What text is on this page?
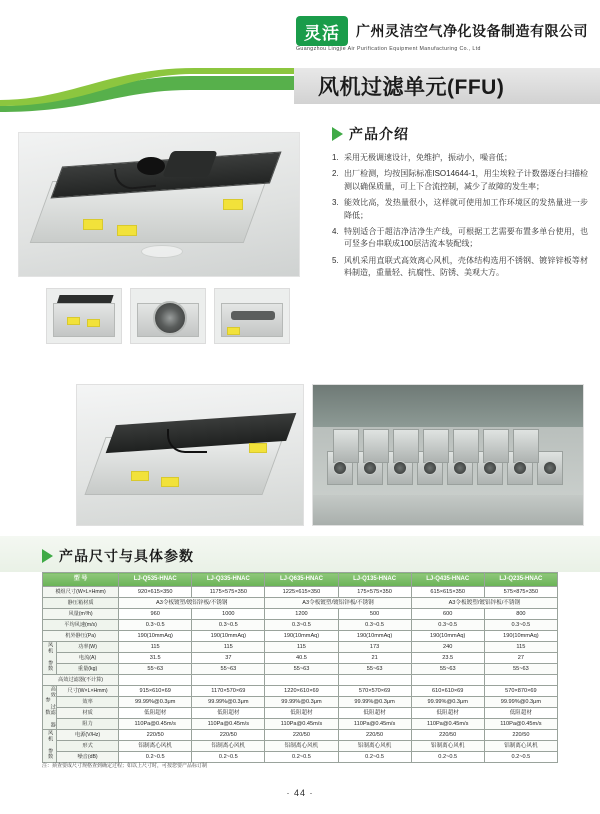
灵活	广州灵洁空气净化设备制造有限公司
Guangzhou Lingjie Air Purification Equipment Manufacturing Co., Ltd
风机过滤单元(FFU)
产品介绍
1. 采用无极调速设计，免维护，振动小，噪音低；
2. 出厂检测，均按国际标准ISO14644-1，用尘埃粒子计数器逐台扫描检测以确保质量，可上下合流控制，减少了故障的发生率；
3. 能效比高，发热量很小，这样就可使用加工作环境区的发热量进一步降低；
4. 特别适合于超洁净洁净生产线，可根据工艺需要布置多单台使用，也可竖多台串联成100层洁流本装配线；
5. 风机采用直联式高效离心风机，壳体结构选用不锈钢、镀锌锌板等材料制造，重量轻、抗腐性、防锈、美观大方。
产品尺寸与具体参数
型 号		LJ-Q535-HNAC	LJ-Q335-HNAC	LJ-Q635-HNAC	LJ-Q135-HNAC	LJ-Q435-HNAC	LJ-Q235-HNAC
模组尺寸(W×L×Hmm)		920×615×350	1175×575×350	1225×615×350	175×575×350	615×615×350	575×875×350
静压箱材质		A3令板镀塑/镀铝锌板/不锈钢		A3令板镀塑/镀铝锌板/不锈钢		A3令板镀塑/镀铝锌板/不锈钢	
风量(m³/h)		960	1000	1200	500	600	800
平均风速(m/s)		0.3~0.5	0.3~0.5	0.3~0.5	0.3~0.5	0.3~0.5	0.3~0.5
机外静压(Pa)		190(10mmAq)	190(10mmAq)	190(10mmAq)	190(10mmAq)	190(10mmAq)	190(10mmAq)
风机 参数	功率(W)	115	115	115	173	240	115
	电流(A)	31.5	37	40.5	21	23.5	27
	重量(kg)	55~63	55~63	55~63	55~63	55~63	55~63
高效过滤器(不计算)							
高效 过滤 器参 数	尺寸(W×L×Hmm)	915×610×69	1170×570×69	1220×610×69	570×570×69	610×610×69	570×870×69
	效率	99.99%@0.3μm	99.99%@0.3μm	99.99%@0.3μm	99.99%@0.3μm	99.99%@0.3μm	99.99%@0.3μm
	材质	低阻超材	低阻超材	低阻超材	低阻超材	低阻超材	低阻超材
	阻力	110Pa@0.45m/s	110Pa@0.45m/s	110Pa@0.45m/s	110Pa@0.45m/s	110Pa@0.45m/s	110Pa@0.45m/s
风机 参数	电源(V/Hz)	220/50	220/50	220/50	220/50	220/50	220/50
	形式	铝制离心风机	铝制离心风机	铝制离心风机	铝制离心风机	铝制离心风机	铝制离心风机
	噪音(dB)	0.2~0.5	0.2~0.5	0.2~0.5	0.2~0.5	0.2~0.5	0.2~0.5
注：须查要成尺寸规格查到确定过程；如以上尺寸时，可按您要产品标订制
· 44 ·
